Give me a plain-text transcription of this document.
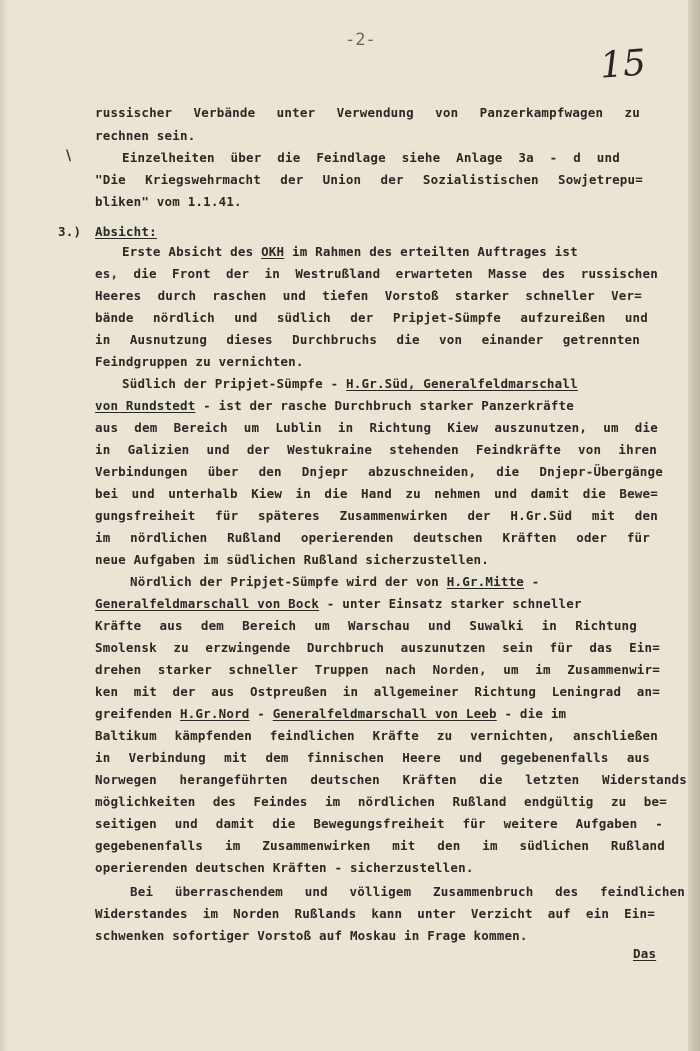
-2-
15
russischer Verbände unter Verwendung von Panzerkampfwagen zu
rechnen sein.
\	Einzelheiten über die Feindlage siehe Anlage 3a - d und
"Die Kriegswehrmacht der Union der Sozialistischen Sowjetrepu=
bliken" vom 1.1.41.
3.) Absicht:
Erste Absicht des OKH im Rahmen des erteilten Auftrages ist
es, die Front der in Westrußland erwarteten Masse des russischen
Heeres durch raschen und tiefen Vorstoß starker schneller Ver=
bände nördlich und südlich der Pripjet-Sümpfe aufzureißen und
in Ausnutzung dieses Durchbruchs die von einander getrennten
Feindgruppen zu vernichten.
Südlich der Pripjet-Sümpfe - H.Gr.Süd, Generalfeldmarschall
von Rundstedt - ist der rasche Durchbruch starker Panzerkräfte
aus dem Bereich um Lublin in Richtung Kiew auszunutzen, um die
in Galizien und der Westukraine stehenden Feindkräfte von ihren
Verbindungen über den Dnjepr abzuschneiden, die Dnjepr-Übergänge
bei und unterhalb Kiew in die Hand zu nehmen und damit die Bewe=
gungsfreiheit für späteres Zusammenwirken der H.Gr.Süd mit den
im nördlichen Rußland operierenden deutschen Kräften oder für
neue Aufgaben im südlichen Rußland sicherzustellen.
Nördlich der Pripjet-Sümpfe wird der von H.Gr.Mitte -
Generalfeldmarschall von Bock - unter Einsatz starker schneller
Kräfte aus dem Bereich um Warschau und Suwalki in Richtung
Smolensk zu erzwingende Durchbruch auszunutzen sein für das Ein=
drehen starker schneller Truppen nach Norden, um im Zusammenwir=
ken mit der aus Ostpreußen in allgemeiner Richtung Leningrad an=
greifenden H.Gr.Nord - Generalfeldmarschall von Leeb - die im
Baltikum kämpfenden feindlichen Kräfte zu vernichten, anschließen
in Verbindung mit dem finnischen Heere und gegebenenfalls aus
Norwegen herangeführten deutschen Kräften die letzten Widerstands
möglichkeiten des Feindes im nördlichen Rußland endgültig zu be=
seitigen und damit die Bewegungsfreiheit für weitere Aufgaben -
gegebenenfalls im Zusammenwirken mit den im südlichen Rußland
operierenden deutschen Kräften - sicherzustellen.
Bei überraschendem und völligem Zusammenbruch des feindlichen
Widerstandes im Norden Rußlands kann unter Verzicht auf ein Ein=
schwenken sofortiger Vorstoß auf Moskau in Frage kommen.
Das
